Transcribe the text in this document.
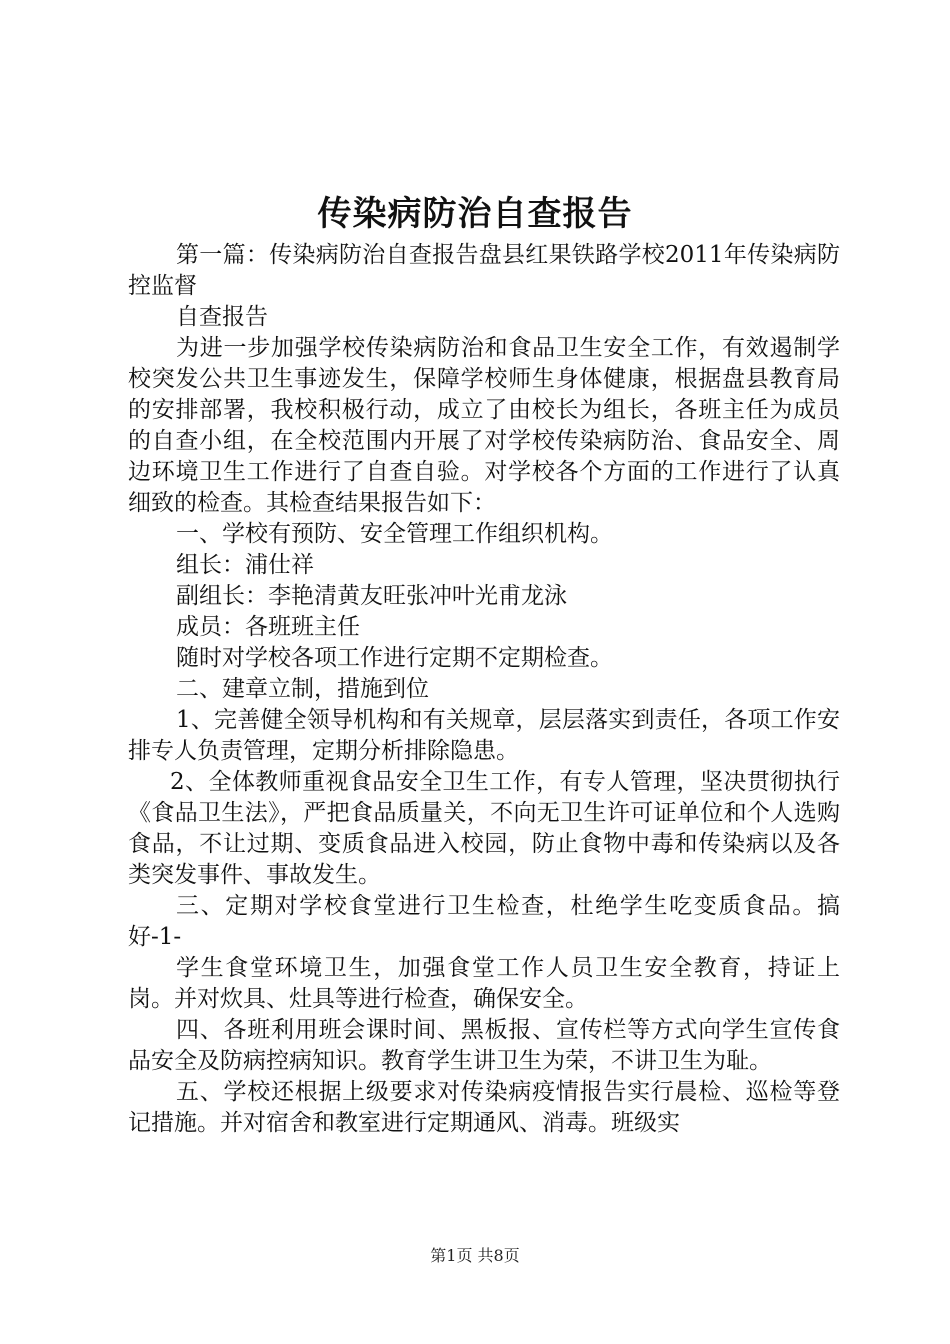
传染病防治自查报告

第一篇：传染病防治自查报告盘县红果铁路学校2011年传染病防控监督

自查报告

为进一步加强学校传染病防治和食品卫生安全工作，有效遏制学校突发公共卫生事迹发生，保障学校师生身体健康，根据盘县教育局的安排部署，我校积极行动，成立了由校长为组长，各班主任为成员的自查小组，在全校范围内开展了对学校传染病防治、食品安全、周边环境卫生工作进行了自查自验。对学校各个方面的工作进行了认真细致的检查。其检查结果报告如下：

一、学校有预防、安全管理工作组织机构。

组长：浦仕祥

副组长：李艳清黄友旺张冲叶光甫龙泳

成员：各班班主任

随时对学校各项工作进行定期不定期检查。

二、建章立制，措施到位

1、完善健全领导机构和有关规章，层层落实到责任，各项工作安排专人负责管理，定期分析排除隐患。

2、全体教师重视食品安全卫生工作，有专人管理，坚决贯彻执行《食品卫生法》，严把食品质量关，不向无卫生许可证单位和个人选购食品，不让过期、变质食品进入校园，防止食物中毒和传染病以及各类突发事件、事故发生。

三、定期对学校食堂进行卫生检查，杜绝学生吃变质食品。搞好-1-

学生食堂环境卫生，加强食堂工作人员卫生安全教育，持证上岗。并对炊具、灶具等进行检查，确保安全。

四、各班利用班会课时间、黑板报、宣传栏等方式向学生宣传食品安全及防病控病知识。教育学生讲卫生为荣，不讲卫生为耻。

五、学校还根据上级要求对传染病疫情报告实行晨检、巡检等登记措施。并对宿舍和教室进行定期通风、消毒。班级实

第1页 共8页
